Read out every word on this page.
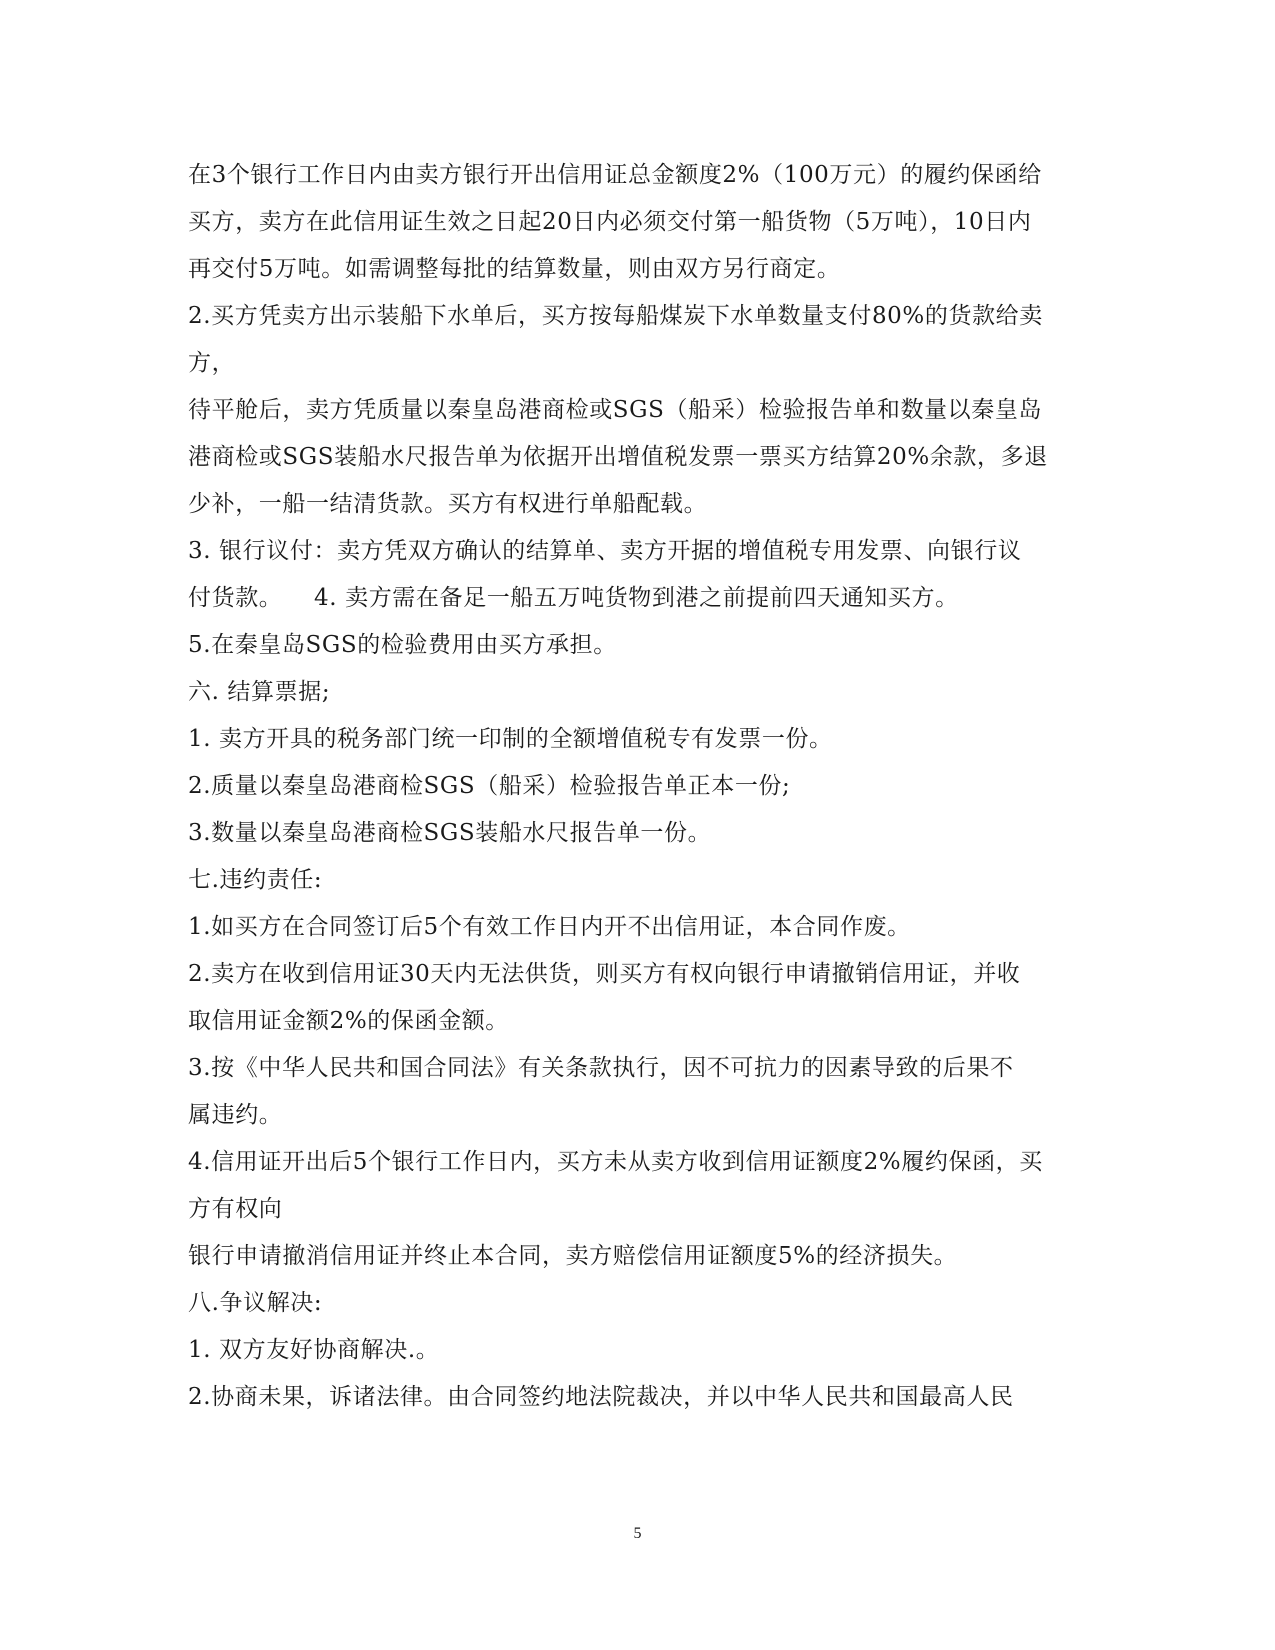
在3个银行工作日内由卖方银行开出信用证总金额度2%（100万元）的履约保函给
买方，卖方在此信用证生效之日起20日内必须交付第一船货物（5万吨），10日内
再交付5万吨。如需调整每批的结算数量，则由双方另行商定。
2.买方凭卖方出示装船下水单后，买方按每船煤炭下水单数量支付80%的货款给卖
方，
待平舱后，卖方凭质量以秦皇岛港商检或SGS（船采）检验报告单和数量以秦皇岛
港商检或SGS装船水尺报告单为依据开出增值税发票一票买方结算20%余款，多退
少补，一船一结清货款。买方有权进行单船配载。
3. 银行议付：卖方凭双方确认的结算单、卖方开据的增值税专用发票、向银行议
付货款。    4. 卖方需在备足一船五万吨货物到港之前提前四天通知买方。
5.在秦皇岛SGS的检验费用由买方承担。
六. 结算票据;
1. 卖方开具的税务部门统一印制的全额增值税专有发票一份。
2.质量以秦皇岛港商检SGS（船采）检验报告单正本一份;
3.数量以秦皇岛港商检SGS装船水尺报告单一份。
七.违约责任:
1.如买方在合同签订后5个有效工作日内开不出信用证，本合同作废。
2.卖方在收到信用证30天内无法供货，则买方有权向银行申请撤销信用证，并收
取信用证金额2%的保函金额。
3.按《中华人民共和国合同法》有关条款执行，因不可抗力的因素导致的后果不
属违约。
4.信用证开出后5个银行工作日内，买方未从卖方收到信用证额度2%履约保函，买
方有权向
银行申请撤消信用证并终止本合同，卖方赔偿信用证额度5%的经济损失。
八.争议解决:
1. 双方友好协商解决.。
2.协商未果，诉诸法律。由合同签约地法院裁决，并以中华人民共和国最高人民
5
